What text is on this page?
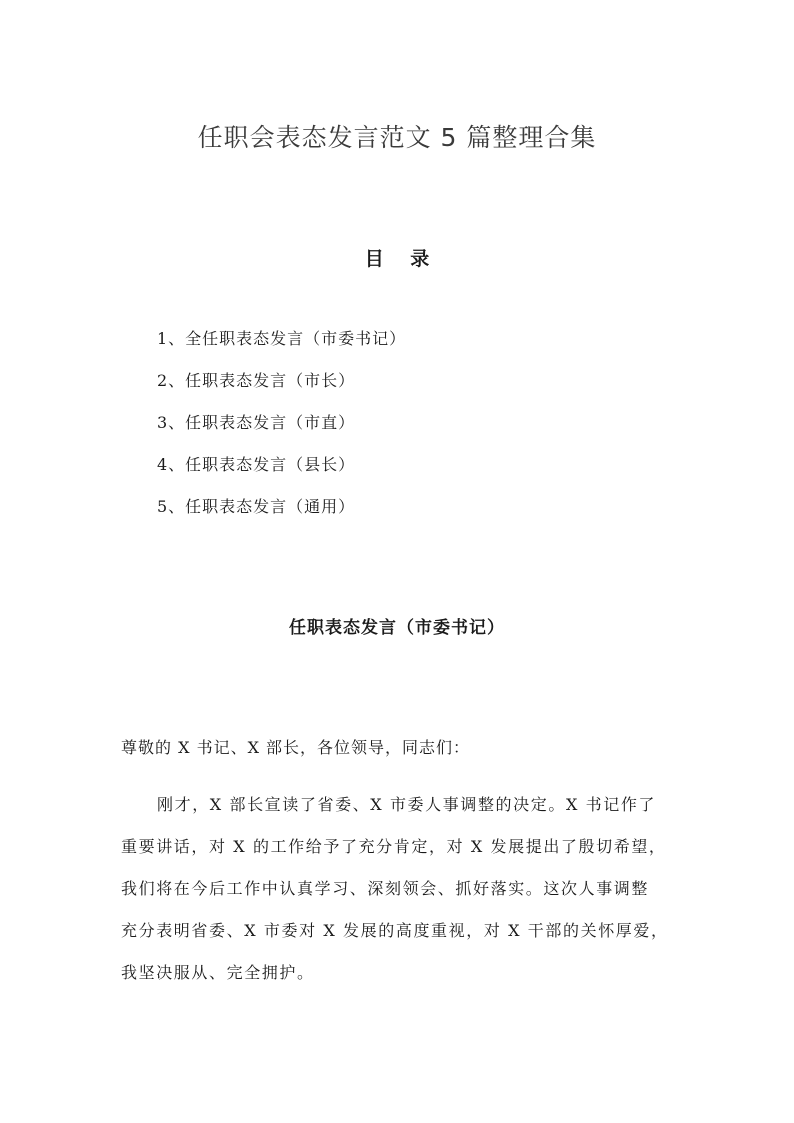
任职会表态发言范文 5 篇整理合集
目 录
1、全任职表态发言（市委书记）
2、任职表态发言（市长）
3、任职表态发言（市直）
4、任职表态发言（县长）
5、任职表态发言（通用）
任职表态发言（市委书记）

尊敬的 X 书记、X 部长，各位领导，同志们：

刚才，X 部长宣读了省委、X 市委人事调整的决定。X 书记作了
重要讲话，对 X 的工作给予了充分肯定，对 X 发展提出了殷切希望，
我们将在今后工作中认真学习、深刻领会、抓好落实。这次人事调整
充分表明省委、X 市委对 X 发展的高度重视，对 X 干部的关怀厚爱，
我坚决服从、完全拥护。
